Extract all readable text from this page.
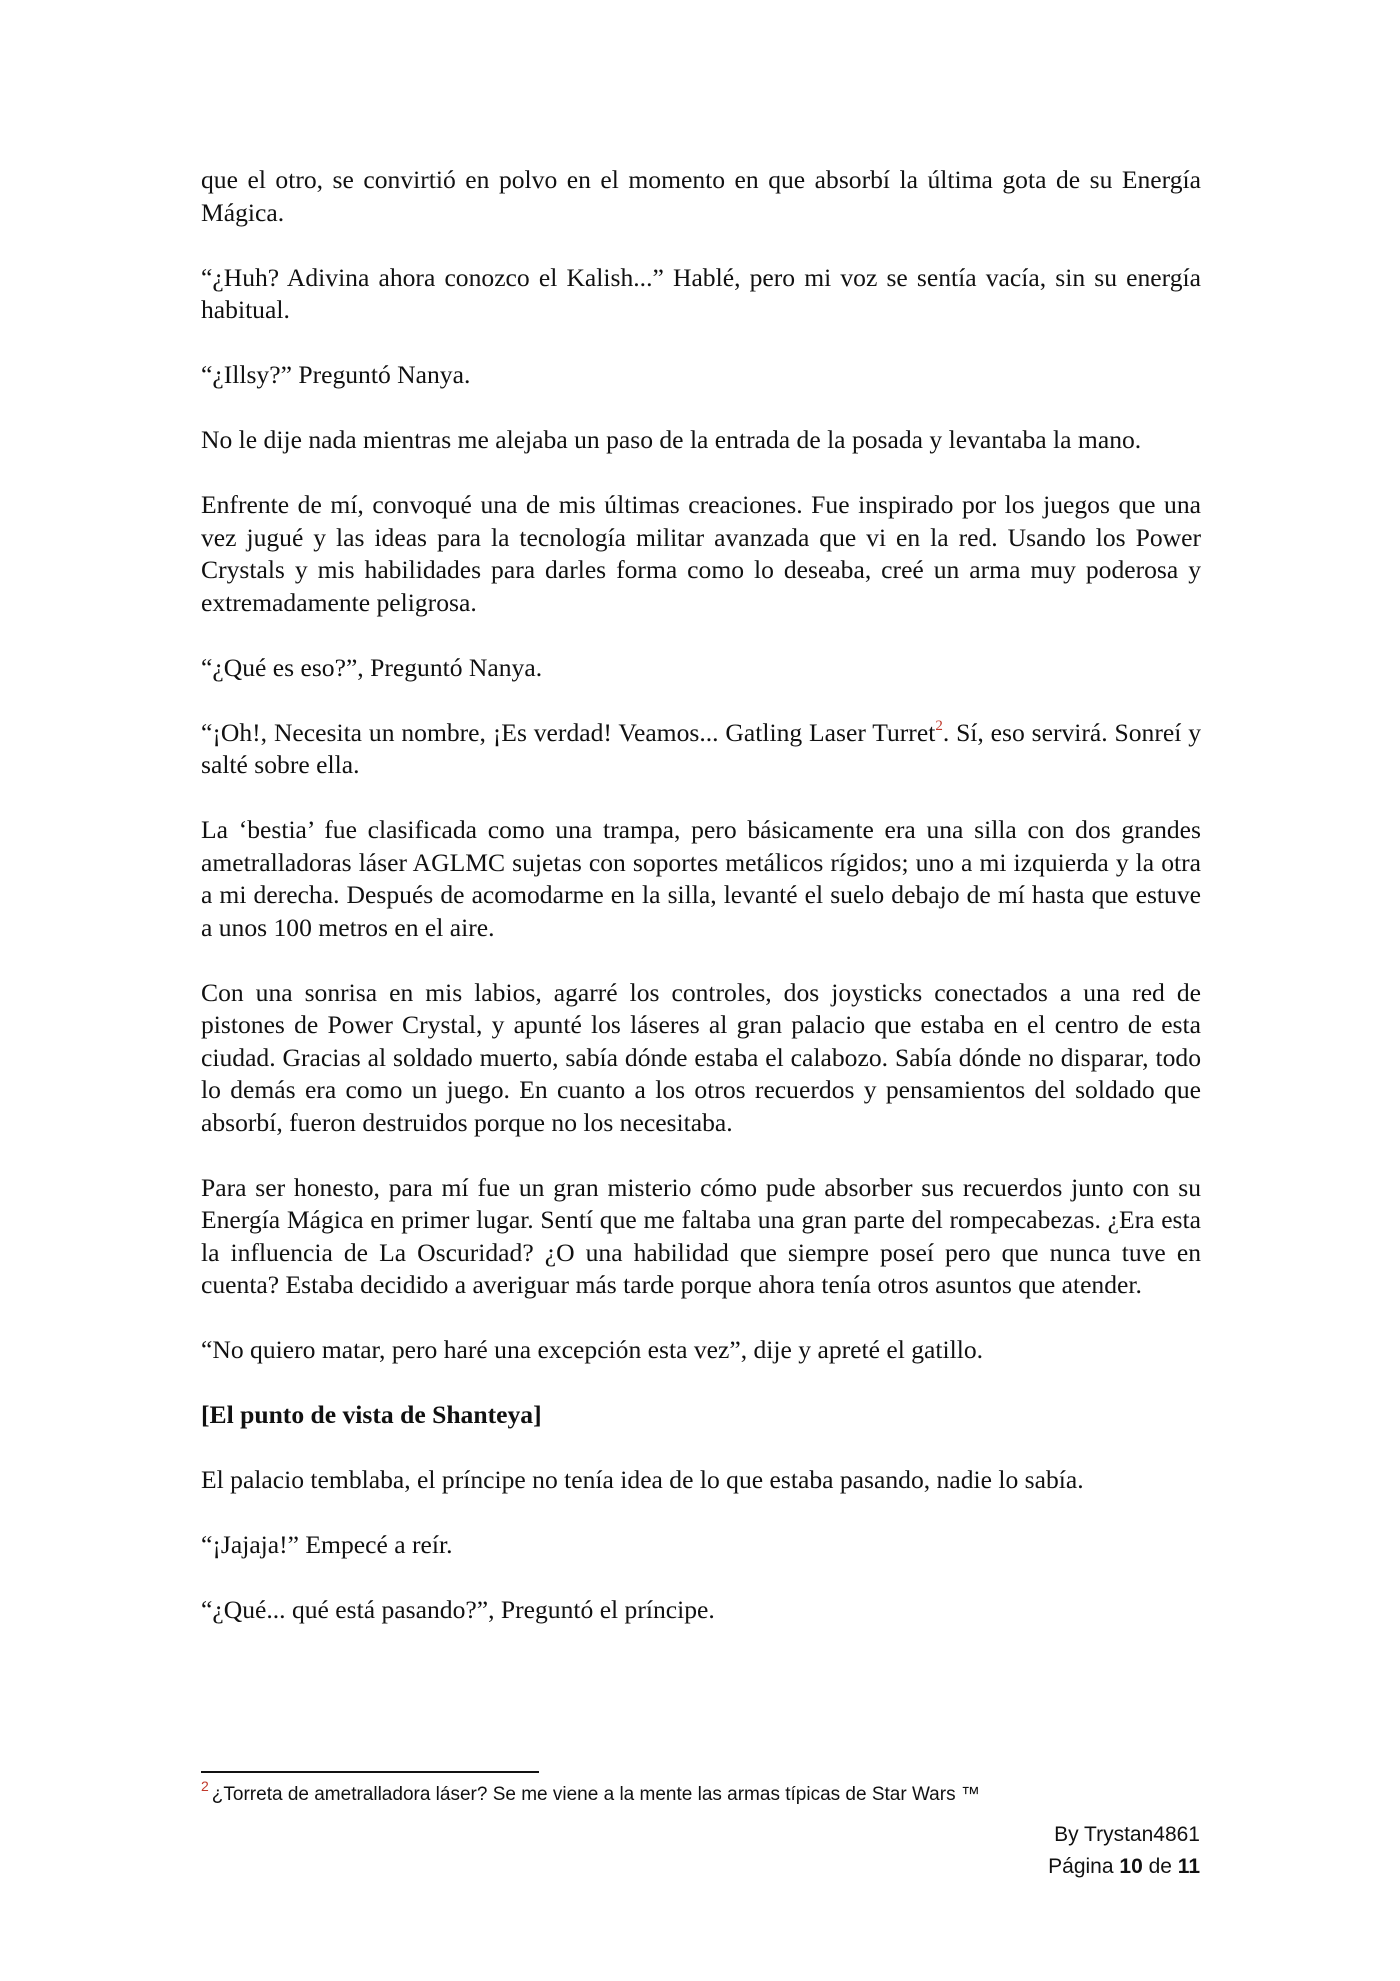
que el otro, se convirtió en polvo en el momento en que absorbí la última gota de su Energía Mágica.

“¿Huh? Adivina ahora conozco el Kalish...” Hablé, pero mi voz se sentía vacía, sin su energía habitual.

“¿Illsy?” Preguntó Nanya.

No le dije nada mientras me alejaba un paso de la entrada de la posada y levantaba la mano.

Enfrente de mí, convoqué una de mis últimas creaciones. Fue inspirado por los juegos que una vez jugué y las ideas para la tecnología militar avanzada que vi en la red. Usando los Power Crystals y mis habilidades para darles forma como lo deseaba, creé un arma muy poderosa y extremadamente peligrosa.

“¿Qué es eso?”, Preguntó Nanya.

“¡Oh!, Necesita un nombre, ¡Es verdad! Veamos... Gatling Laser Turret$^2$. Sí, eso servirá. Sonreí y salté sobre ella.

La ‘bestia’ fue clasificada como una trampa, pero básicamente era una silla con dos grandes ametralladoras láser AGLMC sujetas con soportes metálicos rígidos; uno a mi izquierda y la otra a mi derecha. Después de acomodarme en la silla, levanté el suelo debajo de mí hasta que estuve a unos 100 metros en el aire.

Con una sonrisa en mis labios, agarré los controles, dos joysticks conectados a una red de pistones de Power Crystal, y apunté los láseres al gran palacio que estaba en el centro de esta ciudad. Gracias al soldado muerto, sabía dónde estaba el calabozo. Sabía dónde no disparar, todo lo demás era como un juego. En cuanto a los otros recuerdos y pensamientos del soldado que absorbí, fueron destruidos porque no los necesitaba.

Para ser honesto, para mí fue un gran misterio cómo pude absorber sus recuerdos junto con su Energía Mágica en primer lugar. Sentí que me faltaba una gran parte del rompecabezas. ¿Era esta la influencia de La Oscuridad? ¿O una habilidad que siempre poseí pero que nunca tuve en cuenta? Estaba decidido a averiguar más tarde porque ahora tenía otros asuntos que atender.

“No quiero matar, pero haré una excepción esta vez”, dije y apreté el gatillo.

[El punto de vista de Shanteya]

El palacio temblaba, el príncipe no tenía idea de lo que estaba pasando, nadie lo sabía.

“¡Jajaja!” Empecé a reír.

“¿Qué... qué está pasando?”, Preguntó el príncipe.

$^2$ ¿Torreta de ametralladora láser? Se me viene a la mente las armas típicas de Star Wars ™
By Trystan4861
Página 10 de 11
